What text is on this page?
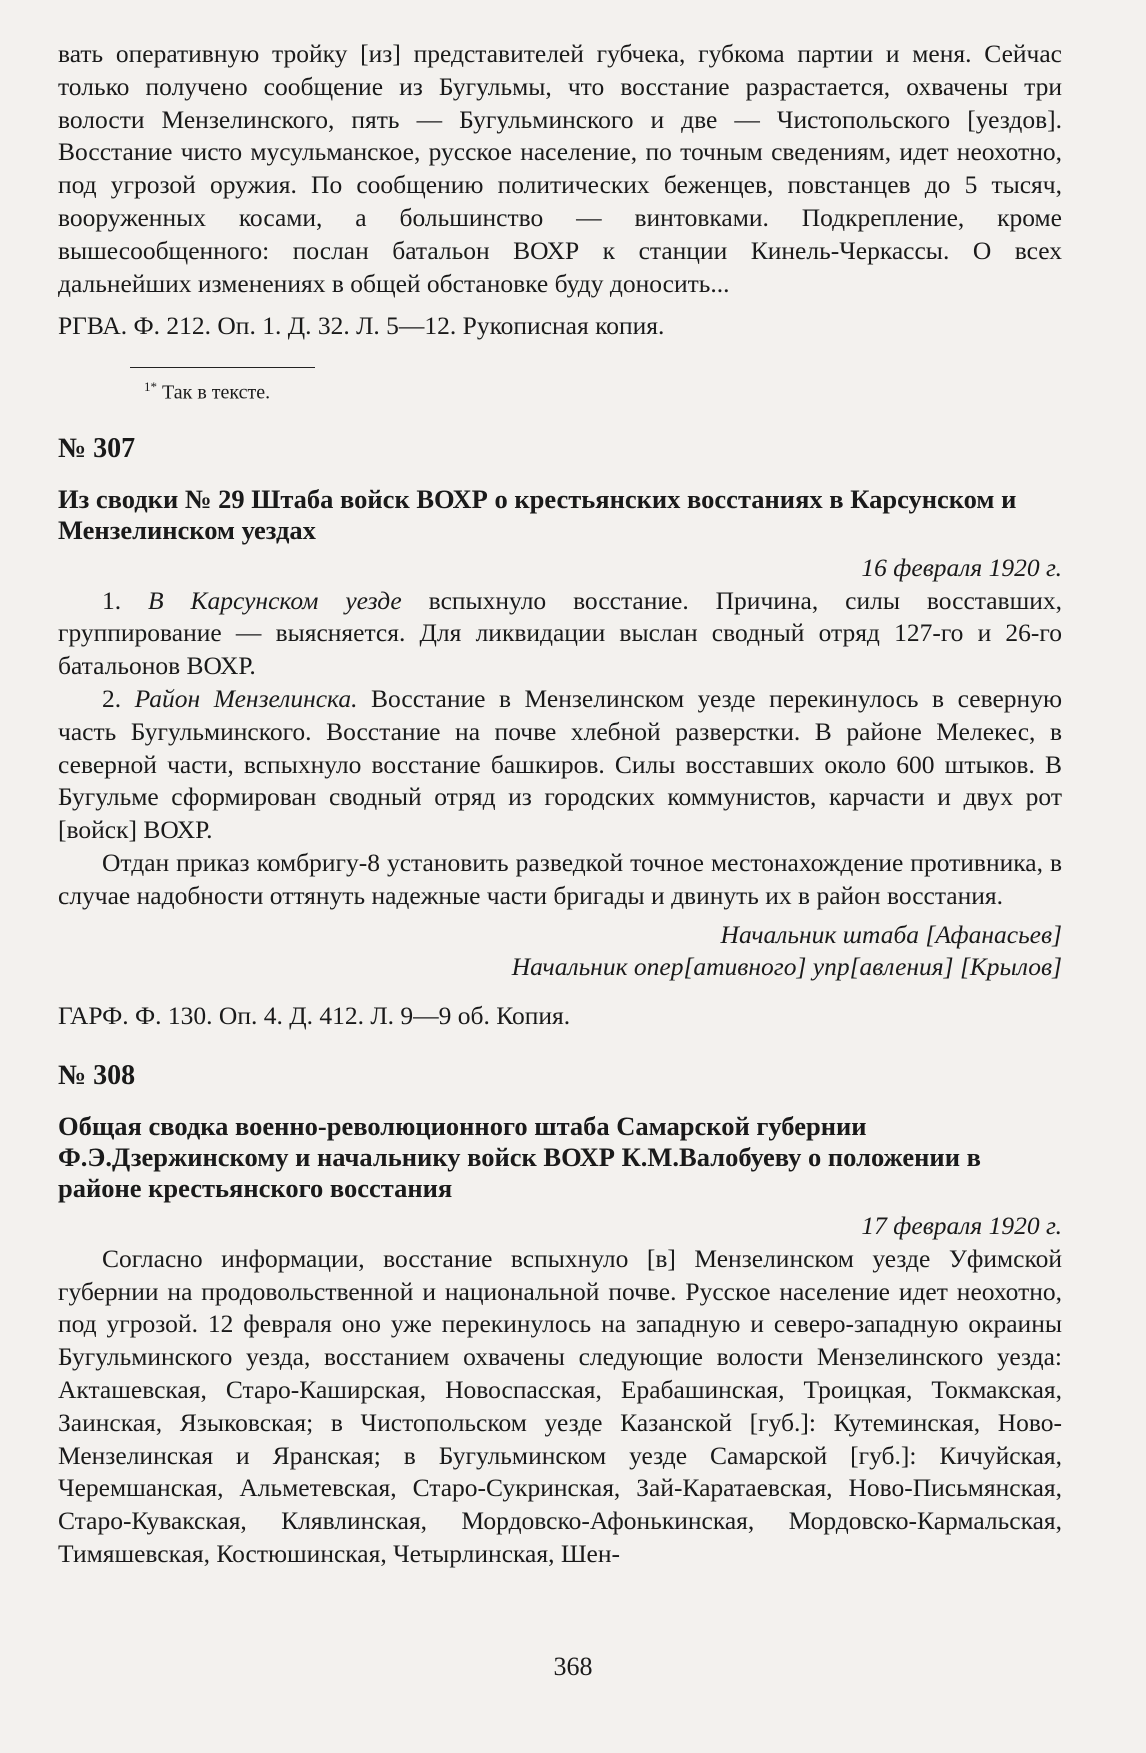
вать оперативную тройку [из] представителей губчека, губкома партии и меня. Сейчас только получено сообщение из Бугульмы, что восстание разрастается, охвачены три волости Мензелинского, пять — Бугульминского и две — Чистопольского [уездов]. Восстание чисто мусульманское, русское население, по точным сведениям, идет неохотно, под угрозой оружия. По сообщению политических беженцев, повстанцев до 5 тысяч, вооруженных косами, а большинство — винтовками. Подкрепление, кроме вышесообщенного: послан батальон ВОХР к станции Кинель-Черкассы. О всех дальнейших изменениях в общей обстановке буду доносить...

РГВА. Ф. 212. Оп. 1. Д. 32. Л. 5—12. Рукописная копия.

$^{1*}$ Так в тексте.
№ 307
Из сводки № 29 Штаба войск ВОХР о крестьянских восстаниях в Карсунском и Мензелинском уездах
16 февраля 1920 г.

1. В Карсунском уезде вспыхнуло восстание. Причина, силы восставших, группирование — выясняется. Для ликвидации выслан сводный отряд 127-го и 26-го батальонов ВОХР.

2. Район Мензелинска. Восстание в Мензелинском уезде перекинулось в северную часть Бугульминского. Восстание на почве хлебной разверстки. В районе Мелекес, в северной части, вспыхнуло восстание башкиров. Силы восставших около 600 штыков. В Бугульме сформирован сводный отряд из городских коммунистов, карчасти и двух рот [войск] ВОХР.

Отдан приказ комбригу-8 установить разведкой точное местонахождение противника, в случае надобности оттянуть надежные части бригады и двинуть их в район восстания.

Начальник штаба [Афанасьев]
Начальник опер[ативного] упр[авления] [Крылов]

ГАРФ. Ф. 130. Оп. 4. Д. 412. Л. 9—9 об. Копия.

№ 308
Общая сводка военно-революционного штаба Самарской губернии Ф.Э.Дзержинскому и начальнику войск ВОХР К.М.Валобуеву о положении в районе крестьянского восстания
17 февраля 1920 г.

Согласно информации, восстание вспыхнуло [в] Мензелинском уезде Уфимской губернии на продовольственной и национальной почве. Русское население идет неохотно, под угрозой. 12 февраля оно уже перекинулось на западную и северо-западную окраины Бугульминского уезда, восстанием охвачены следующие волости Мензелинского уезда: Акташевская, Старо-Каширская, Новоспасская, Ерабашинская, Троицкая, Токмакская, Заинская, Языковская; в Чистопольском уезде Казанской [губ.]: Кутеминская, Ново-Мензелинская и Яранская; в Бугульминском уезде Самарской [губ.]: Кичуйская, Черемшанская, Альметевская, Старо-Сукринская, Зай-Каратаевская, Ново-Письмянская, Старо-Кувакская, Клявлинская, Мордовско-Афонькинская, Мордовско-Кармальская, Тимяшевская, Костюшинская, Четырлинская, Шен-

368
